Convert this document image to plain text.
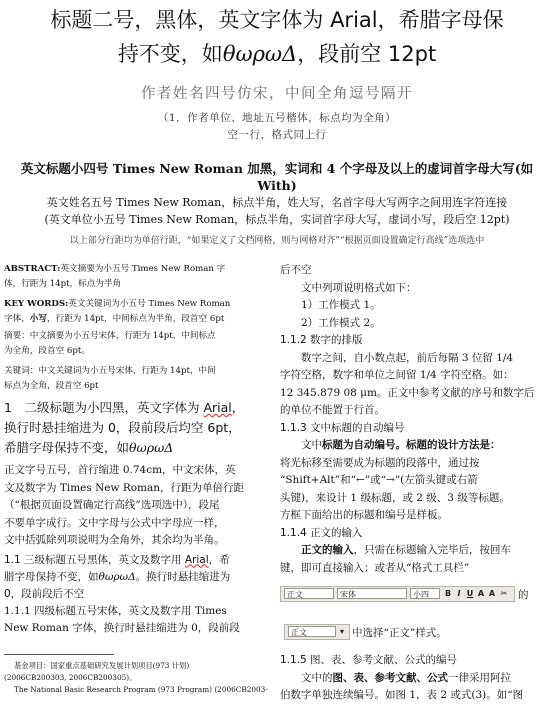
标题二号，黑体，英文字体为 Arial，希腊字母保
持不变，如θωρωΔ，段前空 12pt
作者姓名四号仿宋，中间全角逗号隔开
（1．作者单位、地址五号楷体，标点均为全角）
空一行，格式同上行
英文标题小四号 Times New Roman 加黑，实词和 4 个字母及以上的虚词首字母大写(如
With)
英文姓名五号 Times New Roman，标点半角，姓大写，名首字母大写两字之间用连字符连接
(英文单位小五号 Times New Roman，标点半角，实词首字母大写，虚词小写，段后空 12pt)
以上部分行距均为单倍行距，“如果定义了文档网格，则与网格对齐”“根据页面设置确定行高线”选项选中
ABSTRACT:英文摘要为小五号 Times New Roman 字
体，行距为 14pt，标点为半角
KEY WORDS:英文关键词为小五号 Times New Roman
字体，小写，行距为 14pt，中间标点为半角，段首空 6pt
摘要：中文摘要为小五号宋体，行距为 14pt，中间标点
为全角，段首空 6pt。
关键词：中文关键词为小五号宋体，行距为 14pt，中间
标点为全角，段首空 6pt
1　二级标题为小四黑，英文字体为 Arial，
换行时悬挂缩进为 0，段前段后均空 6pt，
希腊字母保持不变，如θωρωΔ
正文字号五号，首行缩进 0.74cm，中文宋体，英
文及数字为 Times New Roman，行距为单倍行距
（“根据页面设置确定行高线”选项选中），段尾
不要单字成行。文中字母与公式中字母应一样，
文中括弧除列项说明为全角外，其余均为半角。
1.1 三级标题五号黑体，英文及数字用 Arial，希
腊字母保持不变，如θωρωΔ。换行时悬挂缩进为
0，段前段后不空
1.1.1 四级标题五号宋体，英文及数字用 Times
New Roman 字体，换行时悬挂缩进为 0，段前段
基金项目：国家重点基础研究发展计划项目(973 计划)
(2006CB200303, 2006CB200305)。
The National Basic Research Program (973 Program) (2006CB2003-
后不空
文中列项说明格式如下：
1）工作模式 1。
2）工作模式 2。
1.1.2 数字的排版
数字之间，自小数点起，前后每隔 3 位留 1/4
字符空格，数字和单位之间留 1/4 字符空格。如：
12 345.879 08 μm。正文中参考文献的序号和数字后
的单位不能置于行首。
1.1.3 文中标题的自动编号
文中标题为自动编号。标题的设计方法是：
将光标移至需要成为标题的段落中，通过按
“Shift+Alt”和“←”或“→”(左箭头键或右箭
头键)，来设计 1 级标题，或 2 级、3 级等标题。
方框下面给出的标题和编号是样板。
1.1.4 正文的输入
正文的输入，只需在标题输入完毕后，按回车
键，即可直接输入；或者从“格式工具栏”
正文	宋体	小四	B I U A A ✂ 的
正文	▾ 中选择“正文”样式。
1.1.5 图、表、参考文献、公式的编号
文中的图、表、参考文献、公式一律采用阿拉
伯数字单独连续编号。如图 1，表 2 或式(3)。如“图
